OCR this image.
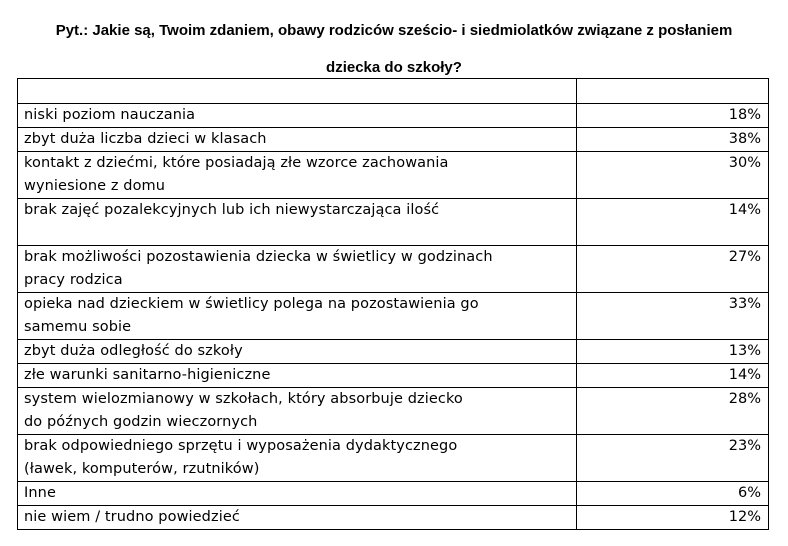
Pyt.: Jakie są, Twoim zdaniem, obawy rodziców sześcio- i siedmiolatków związane z posłaniem
dziecka do szkoły?

niski poziom nauczania	18%
zbyt duża liczba dzieci w klasach	38%
kontakt z dziećmi, które posiadają złe wzorce zachowania
wyniesione z domu	30%
brak zajęć pozalekcyjnych lub ich niewystarczająca ilość	14%
brak możliwości pozostawienia dziecka w świetlicy w godzinach
pracy rodzica	27%
opieka nad dzieckiem w świetlicy polega na pozostawienia go
samemu sobie	33%
zbyt duża odległość do szkoły	13%
złe warunki sanitarno-higieniczne	14%
system wielozmianowy w szkołach, który absorbuje dziecko
do późnych godzin wieczornych	28%
brak odpowiedniego sprzętu i wyposażenia dydaktycznego
(ławek, komputerów, rzutników)	23%
Inne	6%
nie wiem / trudno powiedzieć	12%
